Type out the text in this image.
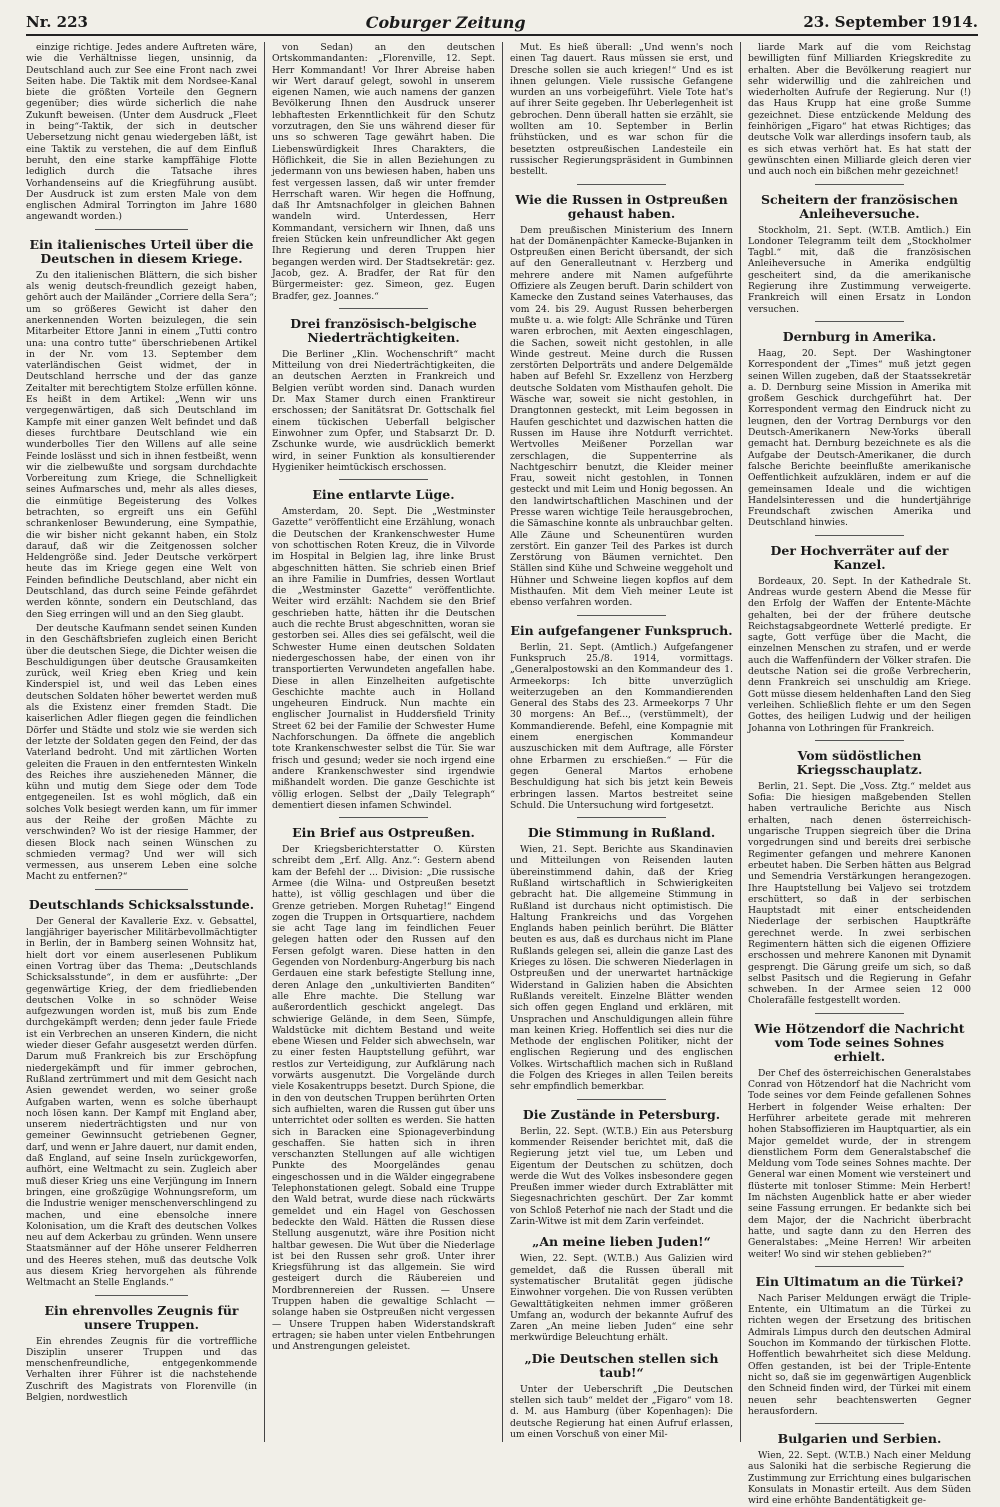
Nr. 223	Coburger Zeitung	23. September 1914.

einzige richtige. Jedes andere Auftreten wäre, wie die Verhältnisse liegen, unsinnig, da Deutschland auch zur See eine Front nach zwei Seiten habe. Die Taktik mit dem Nordsee-Kanal biete die größten Vorteile den Gegnern gegenüber; dies würde sicherlich die nahe Zukunft beweisen. (Unter dem Ausdruck „Fleet in being“-Taktik, der sich in deutscher Uebersetzung nicht genau wiedergeben läßt, ist eine Taktik zu verstehen, die auf dem Einfluß beruht, den eine starke kampffähige Flotte lediglich durch die Tatsache ihres Vorhandenseins auf die Kriegführung ausübt. Der Ausdruck ist zum ersten Male von dem englischen Admiral Torrington im Jahre 1680 angewandt worden.)

Ein italienisches Urteil über die Deutschen in diesem Kriege.

Zu den italienischen Blättern, die sich bisher als wenig deutsch-freundlich gezeigt haben, gehört auch der Mailänder „Corriere della Sera“; um so größeres Gewicht ist daher den anerkennenden Worten beizulegen, die sein Mitarbeiter Ettore Janni in einem „Tutti contro una: una contro tutte“ überschriebenen Artikel in der Nr. vom 13. September dem vaterländischen Geist widmet, der in Deutschland herrsche und der das ganze Zeitalter mit berechtigtem Stolze erfüllen könne. Es heißt in dem Artikel: „Wenn wir uns vergegenwärtigen, daß sich Deutschland im Kampfe mit einer ganzen Welt befindet und daß dieses furchtbare Deutschland wie ein wunderbolles Tier den Willens auf alle seine Feinde loslässt und sich in ihnen festbeißt, wenn wir die zielbewußte und sorgsam durchdachte Vorbereitung zum Kriege, die Schnelligkeit seines Aufmarsches und, mehr als alles dieses, die einmütige Begeisterung des Volkes betrachten, so ergreift uns ein Gefühl schrankenloser Bewunderung, eine Sympathie, die wir bisher nicht gekannt haben, ein Stolz darauf, daß wir die Zeitgenossen solcher Heldengröße sind. Jeder Deutsche verkörpert heute das im Kriege gegen eine Welt von Feinden befindliche Deutschland, aber nicht ein Deutschland, das durch seine Feinde gefährdet werden könnte, sondern ein Deutschland, das den Sieg erringen will und an den Sieg glaubt.

Der deutsche Kaufmann sendet seinen Kunden in den Geschäftsbriefen zugleich einen Bericht über die deutschen Siege, die Dichter weisen die Beschuldigungen über deutsche Grausamkeiten zurück, weil Krieg eben Krieg und kein Kinderspiel ist, und weil das Leben eines deutschen Soldaten höher bewertet werden muß als die Existenz einer fremden Stadt. Die kaiserlichen Adler fliegen gegen die feindlichen Dörfer und Städte und stolz wie sie werden sich der letzte der Soldaten gegen den Feind, der das Vaterland bedroht. Und mit zärtlichen Worten geleiten die Frauen in den entferntesten Winkeln des Reiches ihre auszieheneden Männer, die kühn und mutig dem Siege oder dem Tode entgegeneilen. Ist es wohl möglich, daß ein solches Volk besiegt werden kann, um für immer aus der Reihe der großen Mächte zu verschwinden? Wo ist der riesige Hammer, der diesen Block nach seinen Wünschen zu schmieden vermag? Und wer will sich vermessen, aus unserem Leben eine solche Macht zu entfernen?“

Deutschlands Schicksalsstunde.

Der General der Kavallerie Exz. v. Gebsattel, langjähriger bayerischer Militärbevollmächtigter in Berlin, der in Bamberg seinen Wohnsitz hat, hielt dort vor einem auserlesenen Publikum einen Vortrag über das Thema: „Deutschlands Schicksalsstunde“, in dem er ausführte: „Der gegenwärtige Krieg, der dem friedliebenden deutschen Volke in so schnöder Weise aufgezwungen worden ist, muß bis zum Ende durchgekämpft werden; denn jeder faule Friede ist ein Verbrechen an unseren Kindern, die nicht wieder dieser Gefahr ausgesetzt werden dürfen. Darum muß Frankreich bis zur Erschöpfung niedergekämpft und für immer gebrochen, Rußland zertrümmert und mit dem Gesicht nach Asien gewendet werden, wo seiner große Aufgaben warten, wenn es solche überhaupt noch lösen kann. Der Kampf mit England aber, unserem niederträchtigsten und nur von gemeiner Gewinnsucht getriebenen Gegner, darf, und wenn er Jahre dauert, nur damit enden, daß England, auf seine Inseln zurückgeworfen, aufhört, eine Weltmacht zu sein. Zugleich aber muß dieser Krieg uns eine Verjüngung im Innern bringen, eine großzügige Wohnungsreform, um die Industrie weniger menschenverschlingend zu machen, und eine ebensolche innere Kolonisation, um die Kraft des deutschen Volkes neu auf dem Ackerbau zu gründen. Wenn unsere Staatsmänner auf der Höhe unserer Feldherren und des Heeres stehen, muß das deutsche Volk aus diesem Krieg hervorgehen als führende Weltmacht an Stelle Englands.“

Ein ehrenvolles Zeugnis für unsere Truppen.

Ein ehrendes Zeugnis für die vortreffliche Disziplin unserer Truppen und das menschenfreundliche, entgegenkommende Verhalten ihrer Führer ist die nachstehende Zuschrift des Magistrats von Florenville (in Belgien, nordwestlich

von Sedan) an den deutschen Ortskommandanten: „Florenville, 12. Sept. Herr Kommandant! Vor Ihrer Abreise haben wir Wert darauf gelegt, sowohl in unserem eigenen Namen, wie auch namens der ganzen Bevölkerung Ihnen den Ausdruck unserer lebhaftesten Erkenntlichkeit für den Schutz vorzutragen, den Sie uns während dieser für uns so schweren Tage gewährt haben. Die Liebenswürdigkeit Ihres Charakters, die Höflichkeit, die Sie in allen Beziehungen zu jedermann von uns bewiesen haben, haben uns fest vergessen lassen, daß wir unter fremder Herrschaft waren. Wir hegen die Hoffnung, daß Ihr Amtsnachfolger in gleichen Bahnen wandeln wird. Unterdessen, Herr Kommandant, versichern wir Ihnen, daß uns freien Stücken kein unfreundlicher Akt gegen Ihre Regierung und deren Truppen hier begangen werden wird. Der Stadtsekretär: gez. Jacob, gez. A. Bradfer, der Rat für den Bürgermeister: gez. Simeon, gez. Eugen Bradfer, gez. Joannes.“

Drei französisch-belgische Niederträchtigkeiten.

Die Berliner „Klin. Wochenschrift“ macht Mitteilung von drei Niederträchtigkeiten, die an deutschen Aerzten in Frankreich und Belgien verübt worden sind. Danach wurden Dr. Max Stamer durch einen Franktireur erschossen; der Sanitätsrat Dr. Gottschalk fiel einem tückischen Ueberfall belgischer Einwohner zum Opfer, und Stabsarzt Dr. D. Zschunke wurde, wie ausdrücklich bemerkt wird, in seiner Funktion als konsultierender Hygieniker heimtückisch erschossen.

Eine entlarvte Lüge.

Amsterdam, 20. Sept. Die „Westminster Gazette“ veröffentlicht eine Erzählung, wonach die Deutschen der Krankenschwester Hume von schottischen Roten Kreuz, die in Vilvorde im Hospital in Belgien lag, ihre linke Brust abgeschnitten hätten. Sie schrieb einen Brief an ihre Familie in Dumfries, dessen Wortlaut die „Westminster Gazette“ veröffentlichte. Weiter wird erzählt: Nachdem sie den Brief geschrieben hatte, hätten ihr die Deutschen auch die rechte Brust abgeschnitten, woran sie gestorben sei. Alles dies sei gefälscht, weil die Schwester Hume einen deutschen Soldaten niedergeschossen habe, der einen von ihr transportierten Verwundeten angefallen habe. Diese in allen Einzelheiten aufgetischte Geschichte machte auch in Holland ungeheuren Eindruck. Nun machte ein englischer Journalist in Huddersfield Trinity Street 62 bei der Familie der Schwester Hume Nachforschungen. Da öffnete die angeblich tote Krankenschwester selbst die Tür. Sie war frisch und gesund; weder sie noch irgend eine andere Krankenschwester sind irgendwie mißhandelt worden. Die ganze Geschichte ist völlig erlogen. Selbst der „Daily Telegraph“ dementiert diesen infamen Schwindel.

Ein Brief aus Ostpreußen.

Der Kriegsberichterstatter O. Kürsten schreibt dem „Erf. Allg. Anz.“: Gestern abend kam der Befehl der ... Division: „Die russische Armee (die Wilna- und Ostpreußen besetzt hatte), ist völlig geschlagen und über die Grenze getrieben. Morgen Ruhetag!“ Eingend zogen die Truppen in Ortsquartiere, nachdem sie acht Tage lang im feindlichen Feuer gelegen hatten oder den Russen auf den Fersen gefolgt waren. Diese hatten in den Gegenden von Nordenburg-Angerburg bis nach Gerdauen eine stark befestigte Stellung inne, deren Anlage den „unkultivierten Banditen“ alle Ehre machte. Die Stellung war außerordentlich geschickt angelegt. Das schwierige Gelände, in dem Seen, Sümpfe, Waldstücke mit dichtem Bestand und weite ebene Wiesen und Felder sich abwechseln, war zu einer festen Hauptstellung geführt, war restlos zur Verteidigung, zur Aufklärung nach vorwärts ausgenutzt. Die Vorgelände durch viele Kosakentrupps besetzt. Durch Spione, die in den von deutschen Truppen berührten Orten sich aufhielten, waren die Russen gut über uns unterrichtet oder sollten es werden. Sie hatten sich in Baracken eine Spionageverbindung geschaffen. Sie hatten sich in ihren verschanzten Stellungen auf alle wichtigen Punkte des Moorgeländes genau eingeschossen und in die Wälder eingegrabene Telephonstationen gelegt. Sobald eine Truppe den Wald betrat, wurde diese nach rückwärts gemeldet und ein Hagel von Geschossen bedeckte den Wald. Hätten die Russen diese Stellung ausgenutzt, wäre ihre Position nicht haltbar gewesen. Die Wut über die Niederlage ist bei den Russen sehr groß. Unter ihrer Kriegsführung ist das allgemein. Sie wird gesteigert durch die Räubereien und Mordbrennereien der Russen. — Unsere Truppen haben die gewaltige Schlacht — solange haben sie Ostpreußen nicht vergessen — Unsere Truppen haben Widerstandskraft ertragen; sie haben unter vielen Entbehrungen und Anstrengungen geleistet.

Mut. Es hieß überall: „Und wenn's noch einen Tag dauert. Raus müssen sie erst, und Dresche sollen sie auch kriegen!“ Und es ist ihnen gelungen. Viele russische Gefangene wurden an uns vorbeigeführt. Viele Tote hat's auf ihrer Seite gegeben. Ihr Ueberlegenheit ist gebrochen. Denn überall hatten sie erzählt, sie wollten am 10. September in Berlin frühstücken, und es war schon für die besetzten ostpreußischen Landesteile ein russischer Regierungspräsident in Gumbinnen bestellt.

Wie die Russen in Ostpreußen gehaust haben.

Dem preußischen Ministerium des Innern hat der Domänenpächter Kamecke-Bujanken in Ostpreußen einen Bericht übersandt, der sich auf den Generalleutnant v. Herzberg und mehrere andere mit Namen aufgeführte Offiziere als Zeugen beruft. Darin schildert von Kamecke den Zustand seines Vaterhauses, das vom 24. bis 29. August Russen beherbergen mußte u. a. wie folgt: Alle Schränke und Türen waren erbrochen, mit Aexten eingeschlagen, die Sachen, soweit nicht gestohlen, in alle Winde gestreut. Meine durch die Russen zerstörten Delporträts und andere Delgemälde haben auf Befehl Sr. Exzellenz von Herzberg deutsche Soldaten vom Misthaufen geholt. Die Wäsche war, soweit sie nicht gestohlen, in Drangtonnen gesteckt, mit Leim begossen in Haufen geschichtet und dazwischen hatten die Russen im Hause ihre Notdurft verrichtet. Wertvolles Meißener Porzellan war zerschlagen, die Suppenterrine als Nachtgeschirr benutzt, die Kleider meiner Frau, soweit nicht gestohlen, in Tonnen gesteckt und mit Leim und Honig begossen. An den landwirtschaftlichen Maschinen und der Presse waren wichtige Teile herausgebrochen, die Sämaschine konnte als unbrauchbar gelten. Alle Zäune und Scheunentüren wurden zerstört. Ein ganzer Teil des Parkes ist durch Zerstörung von Bäumen vernichtet. Den Ställen sind Kühe und Schweine weggeholt und Hühner und Schweine liegen kopflos auf dem Misthaufen. Mit dem Vieh meiner Leute ist ebenso verfahren worden.

Ein aufgefangener Funkspruch.

Berlin, 21. Sept. (Amtlich.) Aufgefangener Funkspruch 25./8. 1914, vormittags. „Generalpostowski an den Kommandeur des 1. Armeekorps: Ich bitte unverzüglich weiterzugeben an den Kommandierenden General des Stabs des 23. Armeekorps 7 Uhr 30 morgens: An Bef..., (verstümmelt), der Kommandierende. Befehl, eine Kompagnie mit einem energischen Kommandeur auszuschicken mit dem Auftrage, alle Förster ohne Erbarmen zu erschießen.“ — Für die gegen General Martos erhobene Beschuldigung hat sich bis jetzt kein Beweis erbringen lassen. Martos bestreitet seine Schuld. Die Untersuchung wird fortgesetzt.

Die Stimmung in Rußland.

Wien, 21. Sept. Berichte aus Skandinavien und Mitteilungen von Reisenden lauten übereinstimmend dahin, daß der Krieg Rußland wirtschaftlich in Schwierigkeiten gebracht hat. Die allgemeine Stimmung in Rußland ist durchaus nicht optimistisch. Die Haltung Frankreichs und das Vorgehen Englands haben peinlich berührt. Die Blätter beuten es aus, daß es durchaus nicht im Plane Rußlands gelegen sei, allein die ganze Last des Krieges zu lösen. Die schweren Niederlagen in Ostpreußen und der unerwartet hartnäckige Widerstand in Galizien haben die Absichten Rußlands vereitelt. Einzelne Blätter wenden sich offen gegen England und erklären, mit Unsprachen und Anschuldigungen allein führe man keinen Krieg. Hoffentlich sei dies nur die Methode der englischen Politiker, nicht der englischen Regierung und des englischen Volkes. Wirtschaftlich machen sich in Rußland die Folgen des Krieges in allen Teilen bereits sehr empfindlich bemerkbar.

Die Zustände in Petersburg.

Berlin, 22. Sept. (W.T.B.) Ein aus Petersburg kommender Reisender berichtet mit, daß die Regierung jetzt viel tue, um Leben und Eigentum der Deutschen zu schützen, doch werde die Wut des Volkes insbesondere gegen Preußen immer wieder durch Extrablätter mit Siegesnachrichten geschürt. Der Zar kommt von Schloß Peterhof nie nach der Stadt und die Zarin-Witwe ist mit dem Zarin verfeindet.

„An meine lieben Juden!“

Wien, 22. Sept. (W.T.B.) Aus Galizien wird gemeldet, daß die Russen überall mit systematischer Brutalität gegen jüdische Einwohner vorgehen. Die von Russen verübten Gewalttätigkeiten nehmen immer größeren Umfang an, wodurch der bekannte Aufruf des Zaren „An meine lieben Juden“ eine sehr merkwürdige Beleuchtung erhält.

„Die Deutschen stellen sich taub!“

Unter der Ueberschrift „Die Deutschen stellen sich taub“ meldet der „Figaro“ vom 18. d. M. aus Hamburg (über Kopenhagen): Die deutsche Regierung hat einen Aufruf erlassen, um einen Vorschuß von einer Mil-

liarde Mark auf die vom Reichstag bewilligten fünf Milliarden Kriegskredite zu erhalten. Aber die Bevölkerung reagiert nur sehr widerwillig und die zahlreichen und wiederholten Aufrufe der Regierung. Nur (!) das Haus Krupp hat eine große Summe gezeichnet. Diese entzückende Meldung des feinhörigen „Figaro“ hat etwas Richtiges; das deutsche Volk war allerdings insofern taub, als es sich etwas verhört hat. Es hat statt der gewünschten einen Milliarde gleich deren vier und auch noch ein bißchen mehr gezeichnet!

Scheitern der französischen Anleiheversuche.

Stockholm, 21. Sept. (W.T.B. Amtlich.) Ein Londoner Telegramm teilt dem „Stockholmer Tagbl.“ mit, daß die französischen Anleiheversuche in Amerika endgültig gescheitert sind, da die amerikanische Regierung ihre Zustimmung verweigerte. Frankreich will einen Ersatz in London versuchen.

Dernburg in Amerika.

Haag, 20. Sept. Der Washingtoner Korrespondent der „Times“ muß jetzt gegen seinen Willen zugeben, daß der Staatssekretär a. D. Dernburg seine Mission in Amerika mit großem Geschick durchgeführt hat. Der Korrespondent vermag den Eindruck nicht zu leugnen, den der Vortrag Dernburgs vor den Deutsch-Amerikanern New-Yorks überall gemacht hat. Dernburg bezeichnete es als die Aufgabe der Deutsch-Amerikaner, die durch falsche Berichte beeinflußte amerikanische Oeffentlichkeit aufzuklären, indem er auf die gemeinsamen Ideale und die wichtigen Handelsinteressen und die hundertjährige Freundschaft zwischen Amerika und Deutschland hinwies.

Der Hochverräter auf der Kanzel.

Bordeaux, 20. Sept. In der Kathedrale St. Andreas wurde gestern Abend die Messe für den Erfolg der Waffen der Entente-Mächte gehalten, bei der der frühere deutsche Reichstagsabgeordnete Wetterlé predigte. Er sagte, Gott verfüge über die Macht, die einzelnen Menschen zu strafen, und er werde auch die Waffenfündern der Völker strafen. Die deutsche Nation sei die große Verbrecherin, denn Frankreich sei unschuldig am Kriege. Gott müsse diesem heldenhaften Land den Sieg verleihen. Schließlich flehte er um den Segen Gottes, des heiligen Ludwig und der heiligen Johanna von Lothringen für Frankreich.

Vom südöstlichen Kriegsschauplatz.

Berlin, 21. Sept. Die „Voss. Ztg.“ meldet aus Sofia: Die hiesigen maßgebenden Stellen haben vertrauliche Berichte aus Nisch erhalten, nach denen österreichisch-ungarische Truppen siegreich über die Drina vorgedrungen sind und bereits drei serbische Regimenter gefangen und mehrere Kanonen erbeutet haben. Die Serben hätten aus Belgrad und Semendria Verstärkungen herangezogen. Ihre Hauptstellung bei Valjevo sei trotzdem erschüttert, so daß in der serbischen Hauptstadt mit einer entscheidenden Niederlage der serbischen Hauptkräfte gerechnet werde. In zwei serbischen Regimentern hätten sich die eigenen Offiziere erschossen und mehrere Kanonen mit Dynamit gesprengt. Die Gärung greife um sich, so daß selbst Pasitsch und die Regierung in Gefahr schweben. In der Armee seien 12 000 Cholerafälle festgestellt worden.

Wie Hötzendorf die Nachricht vom Tode seines Sohnes erhielt.

Der Chef des österreichischen Generalstabes Conrad von Hötzendorf hat die Nachricht vom Tode seines vor dem Feinde gefallenen Sohnes Herbert in folgender Weise erhalten: Der Herführer arbeitete gerade mit mehreren hohen Stabsoffizieren im Hauptquartier, als ein Major gemeldet wurde, der in strengem dienstlichem Form dem Generalstabschef die Meldung vom Tode seines Sohnes machte. Der General war einen Moment wie versteinert und flüsterte mit tonloser Stimme: Mein Herbert! Im nächsten Augenblick hatte er aber wieder seine Fassung errungen. Er bedankte sich bei dem Major, der die Nachricht überbracht hatte, und sagte dann zu den Herren des Generalstabes: „Meine Herren! Wir arbeiten weiter! Wo sind wir stehen geblieben?“

Ein Ultimatum an die Türkei?

Nach Pariser Meldungen erwägt die Triple-Entente, ein Ultimatum an die Türkei zu richten wegen der Ersetzung des britischen Admirals Limpus durch den deutschen Admiral Souchon im Kommando der türkischen Flotte. Hoffentlich bewahrheitet sich diese Meldung. Offen gestanden, ist bei der Triple-Entente nicht so, daß sie im gegenwärtigen Augenblick den Schneid finden wird, der Türkei mit einem neuen sehr beachtenswerten Gegner herausfordern.

Bulgarien und Serbien.

Wien, 22. Sept. (W.T.B.) Nach einer Meldung aus Saloniki hat die serbische Regierung die Zustimmung zur Errichtung eines bulgarischen Konsulats in Monastir erteilt. Aus dem Süden wird eine erhöhte Bandentätigkeit ge-
